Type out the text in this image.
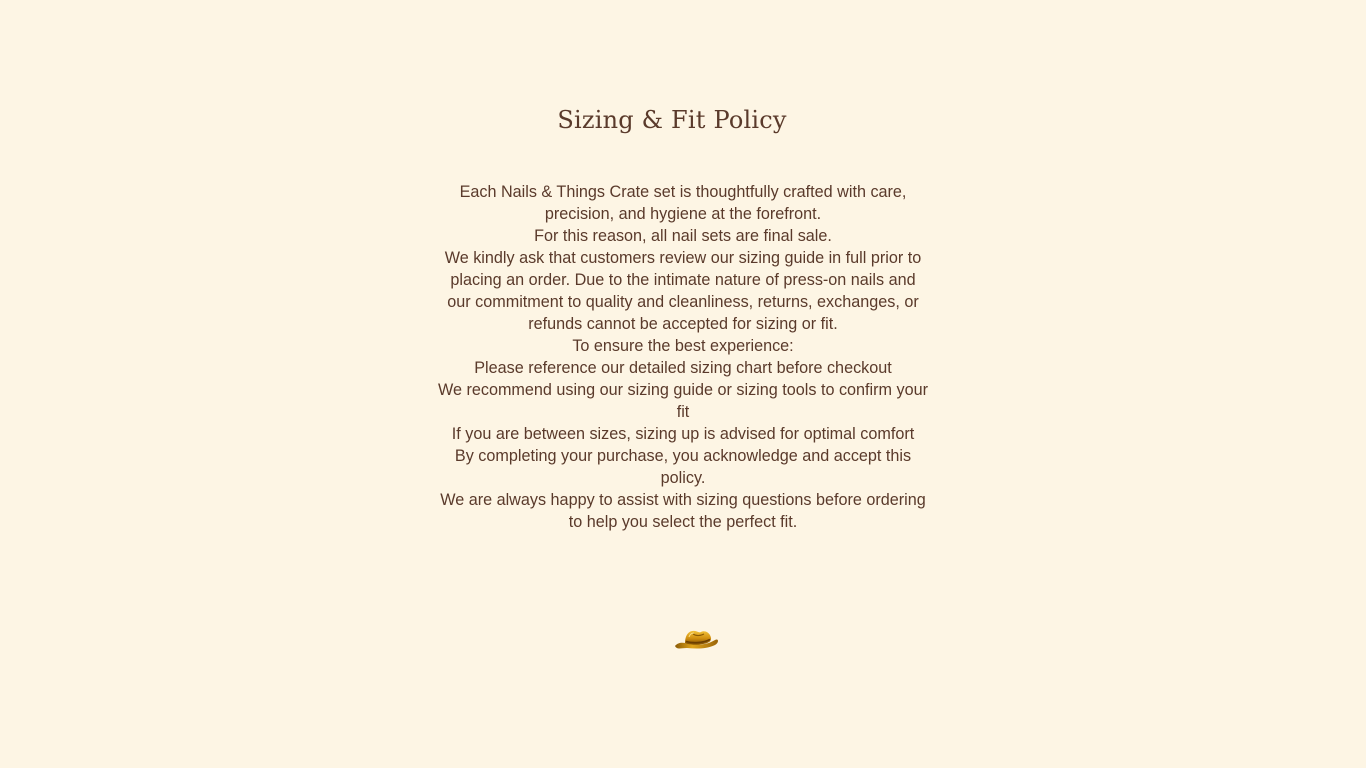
Sizing & Fit Policy

Each Nails & Things Crate set is thoughtfully crafted with care, precision, and hygiene at the forefront.

For this reason, all nail sets are final sale.

We kindly ask that customers review our sizing guide in full prior to placing an order. Due to the intimate nature of press-on nails and our commitment to quality and cleanliness, returns, exchanges, or refunds cannot be accepted for sizing or fit.

To ensure the best experience:

Please reference our detailed sizing chart before checkout

We recommend using our sizing guide or sizing tools to confirm your fit

If you are between sizes, sizing up is advised for optimal comfort

By completing your purchase, you acknowledge and accept this policy.

We are always happy to assist with sizing questions before ordering to help you select the perfect fit.
